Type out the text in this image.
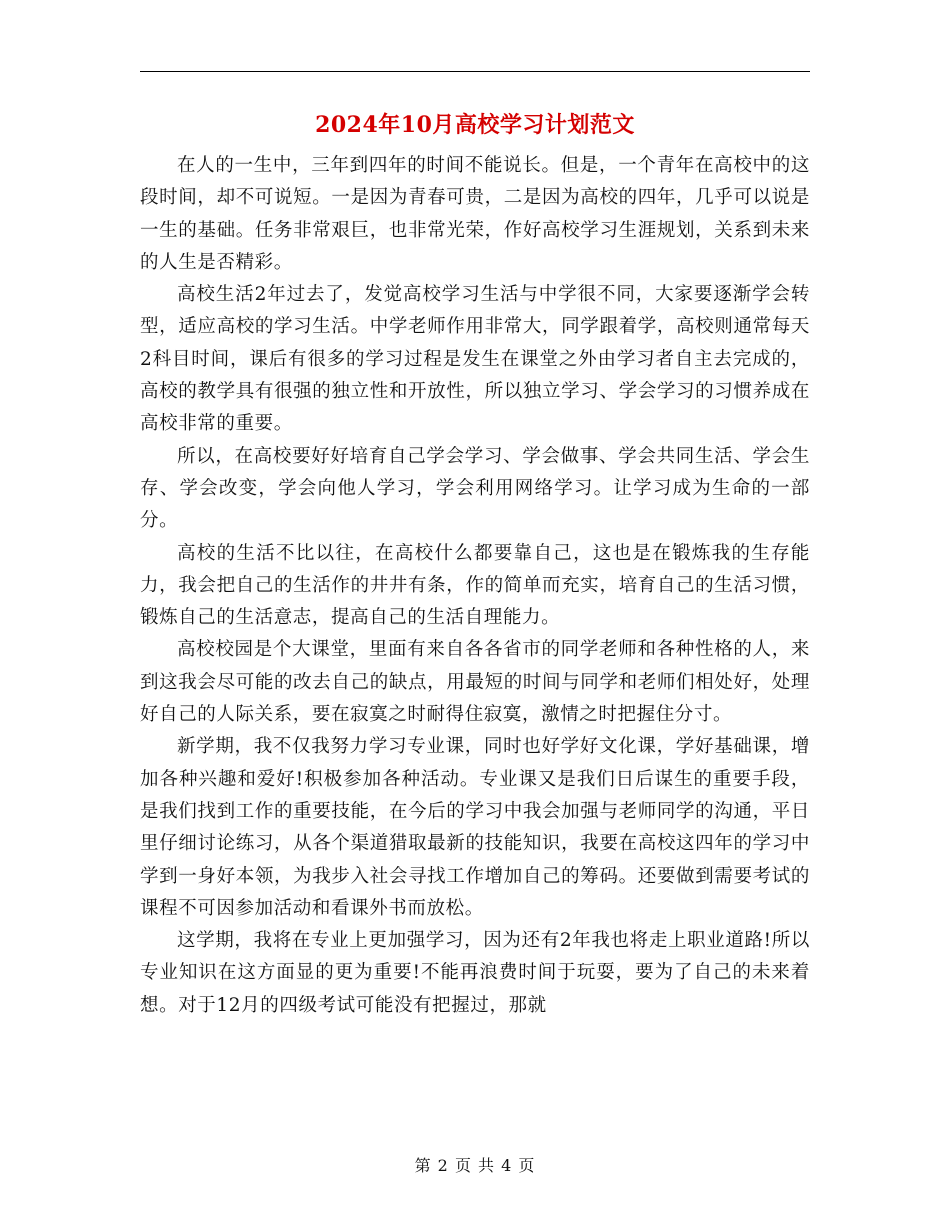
2024年10月高校学习计划范文

在人的一生中，三年到四年的时间不能说长。但是，一个青年在高校中的这段时间，却不可说短。一是因为青春可贵，二是因为高校的四年，几乎可以说是一生的基础。任务非常艰巨，也非常光荣，作好高校学习生涯规划，关系到未来的人生是否精彩。

高校生活2年过去了，发觉高校学习生活与中学很不同，大家要逐渐学会转型，适应高校的学习生活。中学老师作用非常大，同学跟着学，高校则通常每天 2科目时间，课后有很多的学习过程是发生在课堂之外由学习者自主去完成的，高校的教学具有很强的独立性和开放性，所以独立学习、学会学习的习惯养成在高校非常的重要。

所以，在高校要好好培育自己学会学习、学会做事、学会共同生活、学会生存、学会改变，学会向他人学习，学会利用网络学习。让学习成为生命的一部分。

高校的生活不比以往，在高校什么都要靠自己，这也是在锻炼我的生存能力，我会把自己的生活作的井井有条，作的简单而充实，培育自己的生活习惯，锻炼自己的生活意志，提高自己的生活自理能力。

高校校园是个大课堂，里面有来自各各省市的同学老师和各种性格的人，来到这我会尽可能的改去自己的缺点，用最短的时间与同学和老师们相处好，处理好自己的人际关系，要在寂寞之时耐得住寂寞，激情之时把握住分寸。

新学期，我不仅我努力学习专业课，同时也好学好文化课，学好基础课，增加各种兴趣和爱好!积极参加各种活动。专业课又是我们日后谋生的重要手段，是我们找到工作的重要技能，在今后的学习中我会加强与老师同学的沟通，平日里仔细讨论练习，从各个渠道猎取最新的技能知识，我要在高校这四年的学习中学到一身好本领，为我步入社会寻找工作增加自己的筹码。还要做到需要考试的课程不可因参加活动和看课外书而放松。

这学期，我将在专业上更加强学习，因为还有2年我也将走上职业道路!所以专业知识在这方面显的更为重要!不能再浪费时间于玩耍，要为了自己的未来着想。对于12月的四级考试可能没有把握过，那就

第 2 页 共 4 页
